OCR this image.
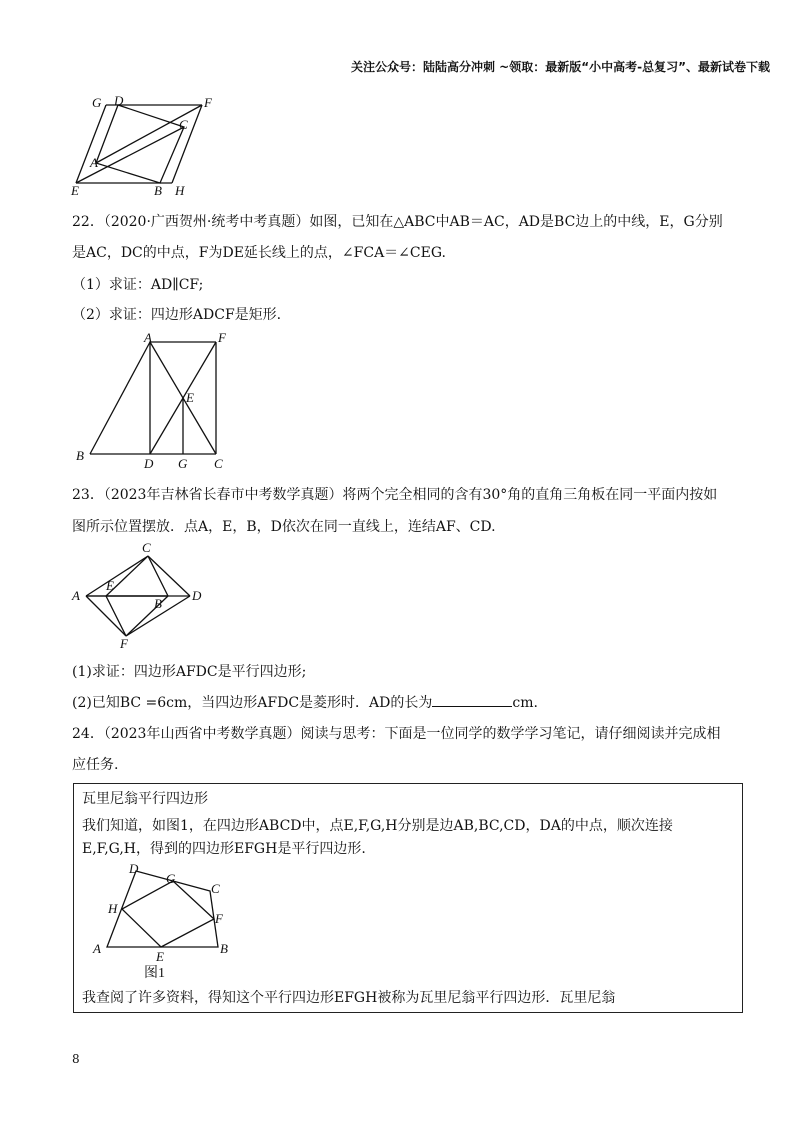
关注公众号：陆陆高分冲刺 ~领取：最新版“小中高考-总复习”、最新试卷下载
G D	F
C
A
E	B H
22．（2020·广西贺州·统考中考真题）如图，已知在△ABC中AB＝AC，AD是BC边上的中线，E，G分别
是AC，DC的中点，F为DE延长线上的点，∠FCA＝∠CEG.
（1）求证：AD∥CF;
（2）求证：四边形ADCF是矩形.
A	F
E
B
D G C
23．（2023年吉林省长春市中考数学真题）将两个完全相同的含有30°角的直角三角板在同一平面内按如
图所示位置摆放．点A，E，B，D依次在同一直线上，连结AF、CD.
C
E
A
B
D
F
(1)求证：四边形AFDC是平行四边形;
(2)已知BC =6cm，当四边形AFDC是菱形时．AD的长为	cm.
24．（2023年山西省中考数学真题）阅读与思考：下面是一位同学的数学学习笔记，请仔细阅读并完成相
应任务.
瓦里尼翁平行四边形
我们知道，如图1，在四边形ABCD中，点E,F,G,H分别是边AB,BC,CD，DA的中点，顺次连接
E,F,G,H，得到的四边形EFGH是平行四边形.
D
G
C
H
F
A
E
B
图1
我查阅了许多资料，得知这个平行四边形EFGH被称为瓦里尼翁平行四边形．瓦里尼翁
8
